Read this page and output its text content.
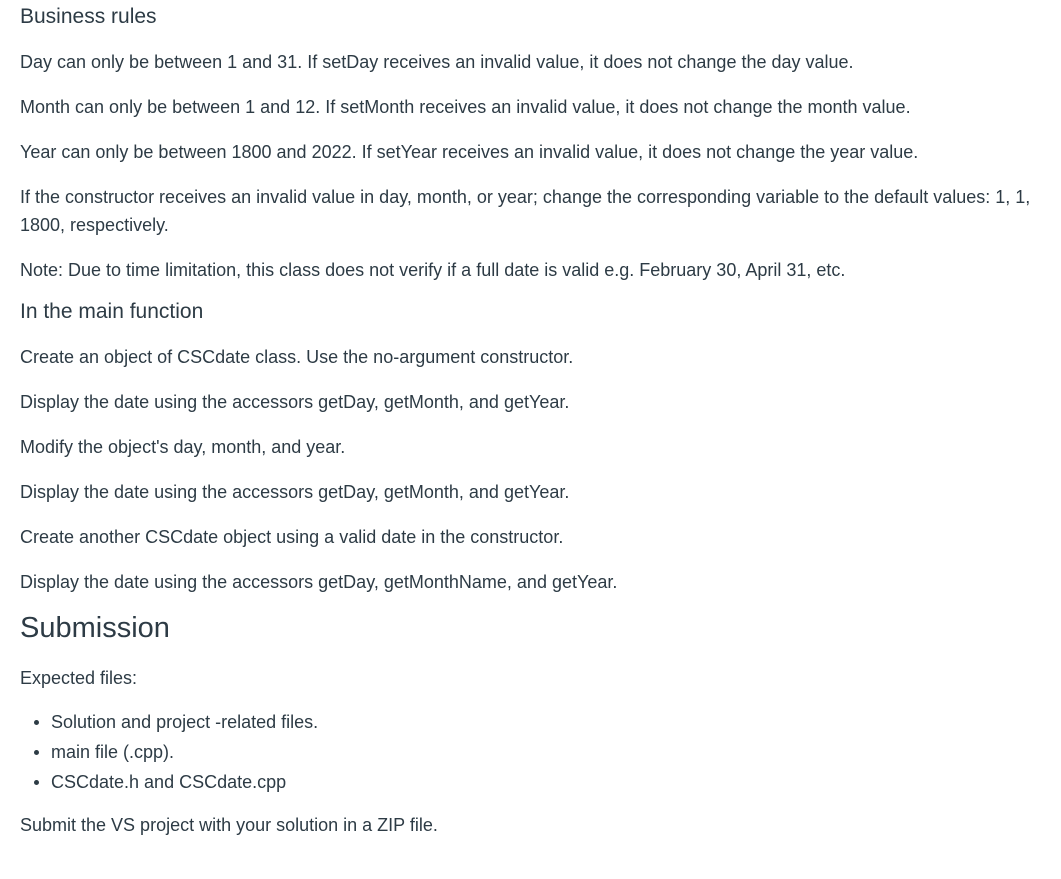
Business rules

Day can only be between 1 and 31. If setDay receives an invalid value, it does not change the day value.

Month can only be between 1 and 12. If setMonth receives an invalid value, it does not change the month value.

Year can only be between 1800 and 2022. If setYear receives an invalid value, it does not change the year value.

If the constructor receives an invalid value in day, month, or year; change the corresponding variable to the default values: 1, 1, 1800, respectively.

Note: Due to time limitation, this class does not verify if a full date is valid e.g. February 30, April 31, etc.

In the main function

Create an object of CSCdate class. Use the no-argument constructor.

Display the date using the accessors getDay, getMonth, and getYear.

Modify the object's day, month, and year.

Display the date using the accessors getDay, getMonth, and getYear.

Create another CSCdate object using a valid date in the constructor.

Display the date using the accessors getDay, getMonthName, and getYear.

Submission

Expected files:

Solution and project -related files.
main file (.cpp).
CSCdate.h and CSCdate.cpp

Submit the VS project with your solution in a ZIP file.
